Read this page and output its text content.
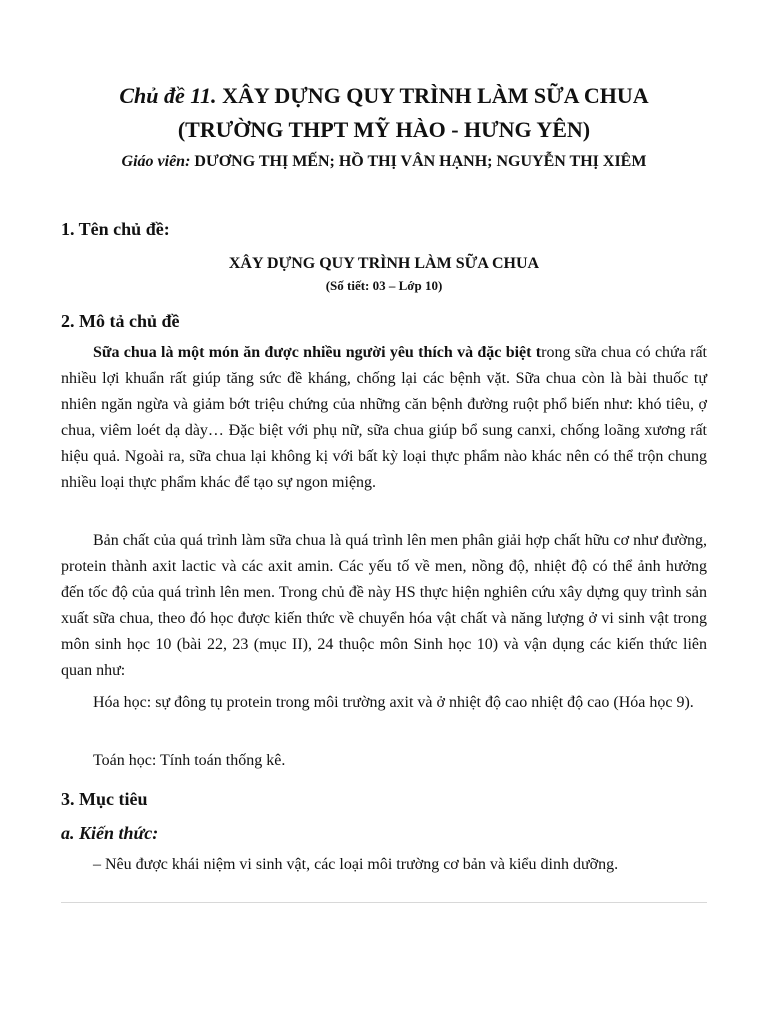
Chủ đề 11. XÂY DỰNG QUY TRÌNH LÀM SỮA CHUA
(TRƯỜNG THPT MỸ HÀO - HƯNG YÊN)

Giáo viên: DƯƠNG THỊ MẾN; HỒ THỊ VÂN HẠNH; NGUYỄN THỊ XIÊM

1. Tên chủ đề:

XÂY DỰNG QUY TRÌNH LÀM SỮA CHUA

(Số tiết: 03 – Lớp 10)

2. Mô tả chủ đề

Sữa chua là một món ăn được nhiều người yêu thích và đặc biệt trong sữa chua có chứa rất nhiều lợi khuẩn rất giúp tăng sức đề kháng, chống lại các bệnh vặt. Sữa chua còn là bài thuốc tự nhiên ngăn ngừa và giảm bớt triệu chứng của những căn bệnh đường ruột phổ biến như: khó tiêu, ợ chua, viêm loét dạ dày… Đặc biệt với phụ nữ, sữa chua giúp bổ sung canxi, chống loãng xương rất hiệu quả. Ngoài ra, sữa chua lại không kị với bất kỳ loại thực phẩm nào khác nên có thể trộn chung nhiều loại thực phẩm khác để tạo sự ngon miệng.

Bản chất của quá trình làm sữa chua là quá trình lên men phân giải hợp chất hữu cơ như đường, protein thành axit lactic và các axit amin. Các yếu tố về men, nồng độ, nhiệt độ có thể ảnh hưởng đến tốc độ của quá trình lên men. Trong chủ đề này HS thực hiện nghiên cứu xây dựng quy trình sản xuất sữa chua, theo đó học được kiến thức về chuyển hóa vật chất và năng lượng ở vi sinh vật trong môn sinh học 10 (bài 22, 23 (mục II), 24 thuộc môn Sinh học 10) và vận dụng các kiến thức liên quan như:

Hóa học: sự đông tụ protein trong môi trường axit và ở nhiệt độ cao nhiệt độ cao (Hóa học 9).

Toán học: Tính toán thống kê.

3. Mục tiêu
a. Kiến thức:

– Nêu được khái niệm vi sinh vật, các loại môi trường cơ bản và kiểu dinh dưỡng.
